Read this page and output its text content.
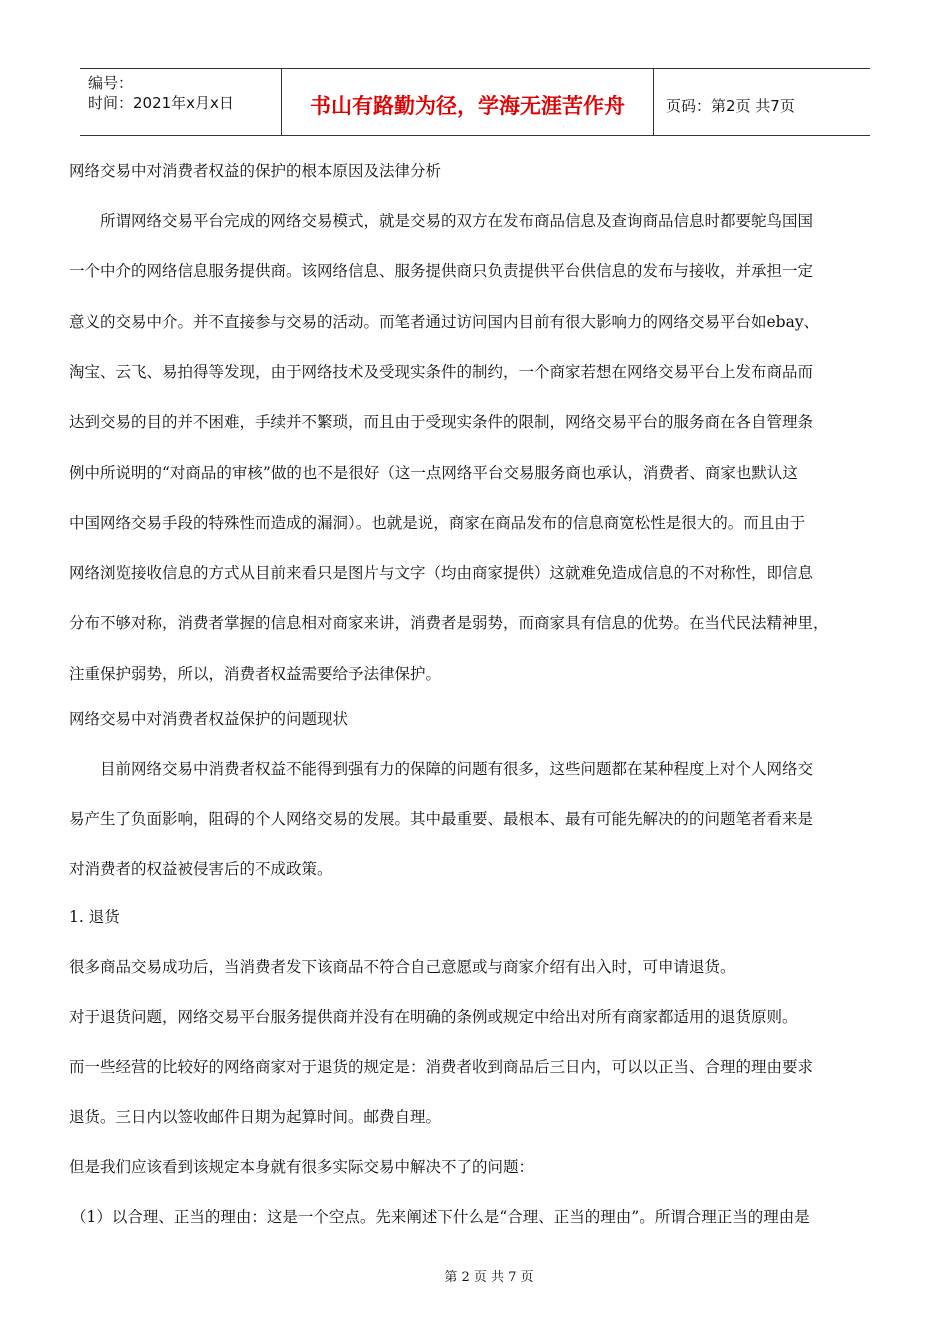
编号：
时间：2021年x月x日	书山有路勤为径，学海无涯苦作舟	页码：第2页 共7页
网络交易中对消费者权益的保护的根本原因及法律分析
所谓网络交易平台完成的网络交易模式，就是交易的双方在发布商品信息及查询商品信息时都要鸵鸟国国
一个中介的网络信息服务提供商。该网络信息、服务提供商只负责提供平台供信息的发布与接收，并承担一定
意义的交易中介。并不直接参与交易的活动。而笔者通过访问国内目前有很大影响力的网络交易平台如ebay、
淘宝、云飞、易拍得等发现，由于网络技术及受现实条件的制约，一个商家若想在网络交易平台上发布商品而
达到交易的目的并不困难，手续并不繁琐，而且由于受现实条件的限制，网络交易平台的服务商在各自管理条
例中所说明的“对商品的审核”做的也不是很好（这一点网络平台交易服务商也承认，消费者、商家也默认这
中国网络交易手段的特殊性而造成的漏洞）。也就是说，商家在商品发布的信息商宽松性是很大的。而且由于
网络浏览接收信息的方式从目前来看只是图片与文字（均由商家提供）这就难免造成信息的不对称性，即信息
分布不够对称，消费者掌握的信息相对商家来讲，消费者是弱势，而商家具有信息的优势。在当代民法精神里，
注重保护弱势，所以，消费者权益需要给予法律保护。
网络交易中对消费者权益保护的问题现状
目前网络交易中消费者权益不能得到强有力的保障的问题有很多，这些问题都在某种程度上对个人网络交
易产生了负面影响，阻碍的个人网络交易的发展。其中最重要、最根本、最有可能先解决的的问题笔者看来是
对消费者的权益被侵害后的不成政策。
1. 退货
很多商品交易成功后，当消费者发下该商品不符合自己意愿或与商家介绍有出入时，可申请退货。
对于退货问题，网络交易平台服务提供商并没有在明确的条例或规定中给出对所有商家都适用的退货原则。
而一些经营的比较好的网络商家对于退货的规定是：消费者收到商品后三日内，可以以正当、合理的理由要求
退货。三日内以签收邮件日期为起算时间。邮费自理。
但是我们应该看到该规定本身就有很多实际交易中解决不了的问题：
（1）以合理、正当的理由：这是一个空点。先来阐述下什么是“合理、正当的理由”。所谓合理正当的理由是
第 2 页 共 7 页
